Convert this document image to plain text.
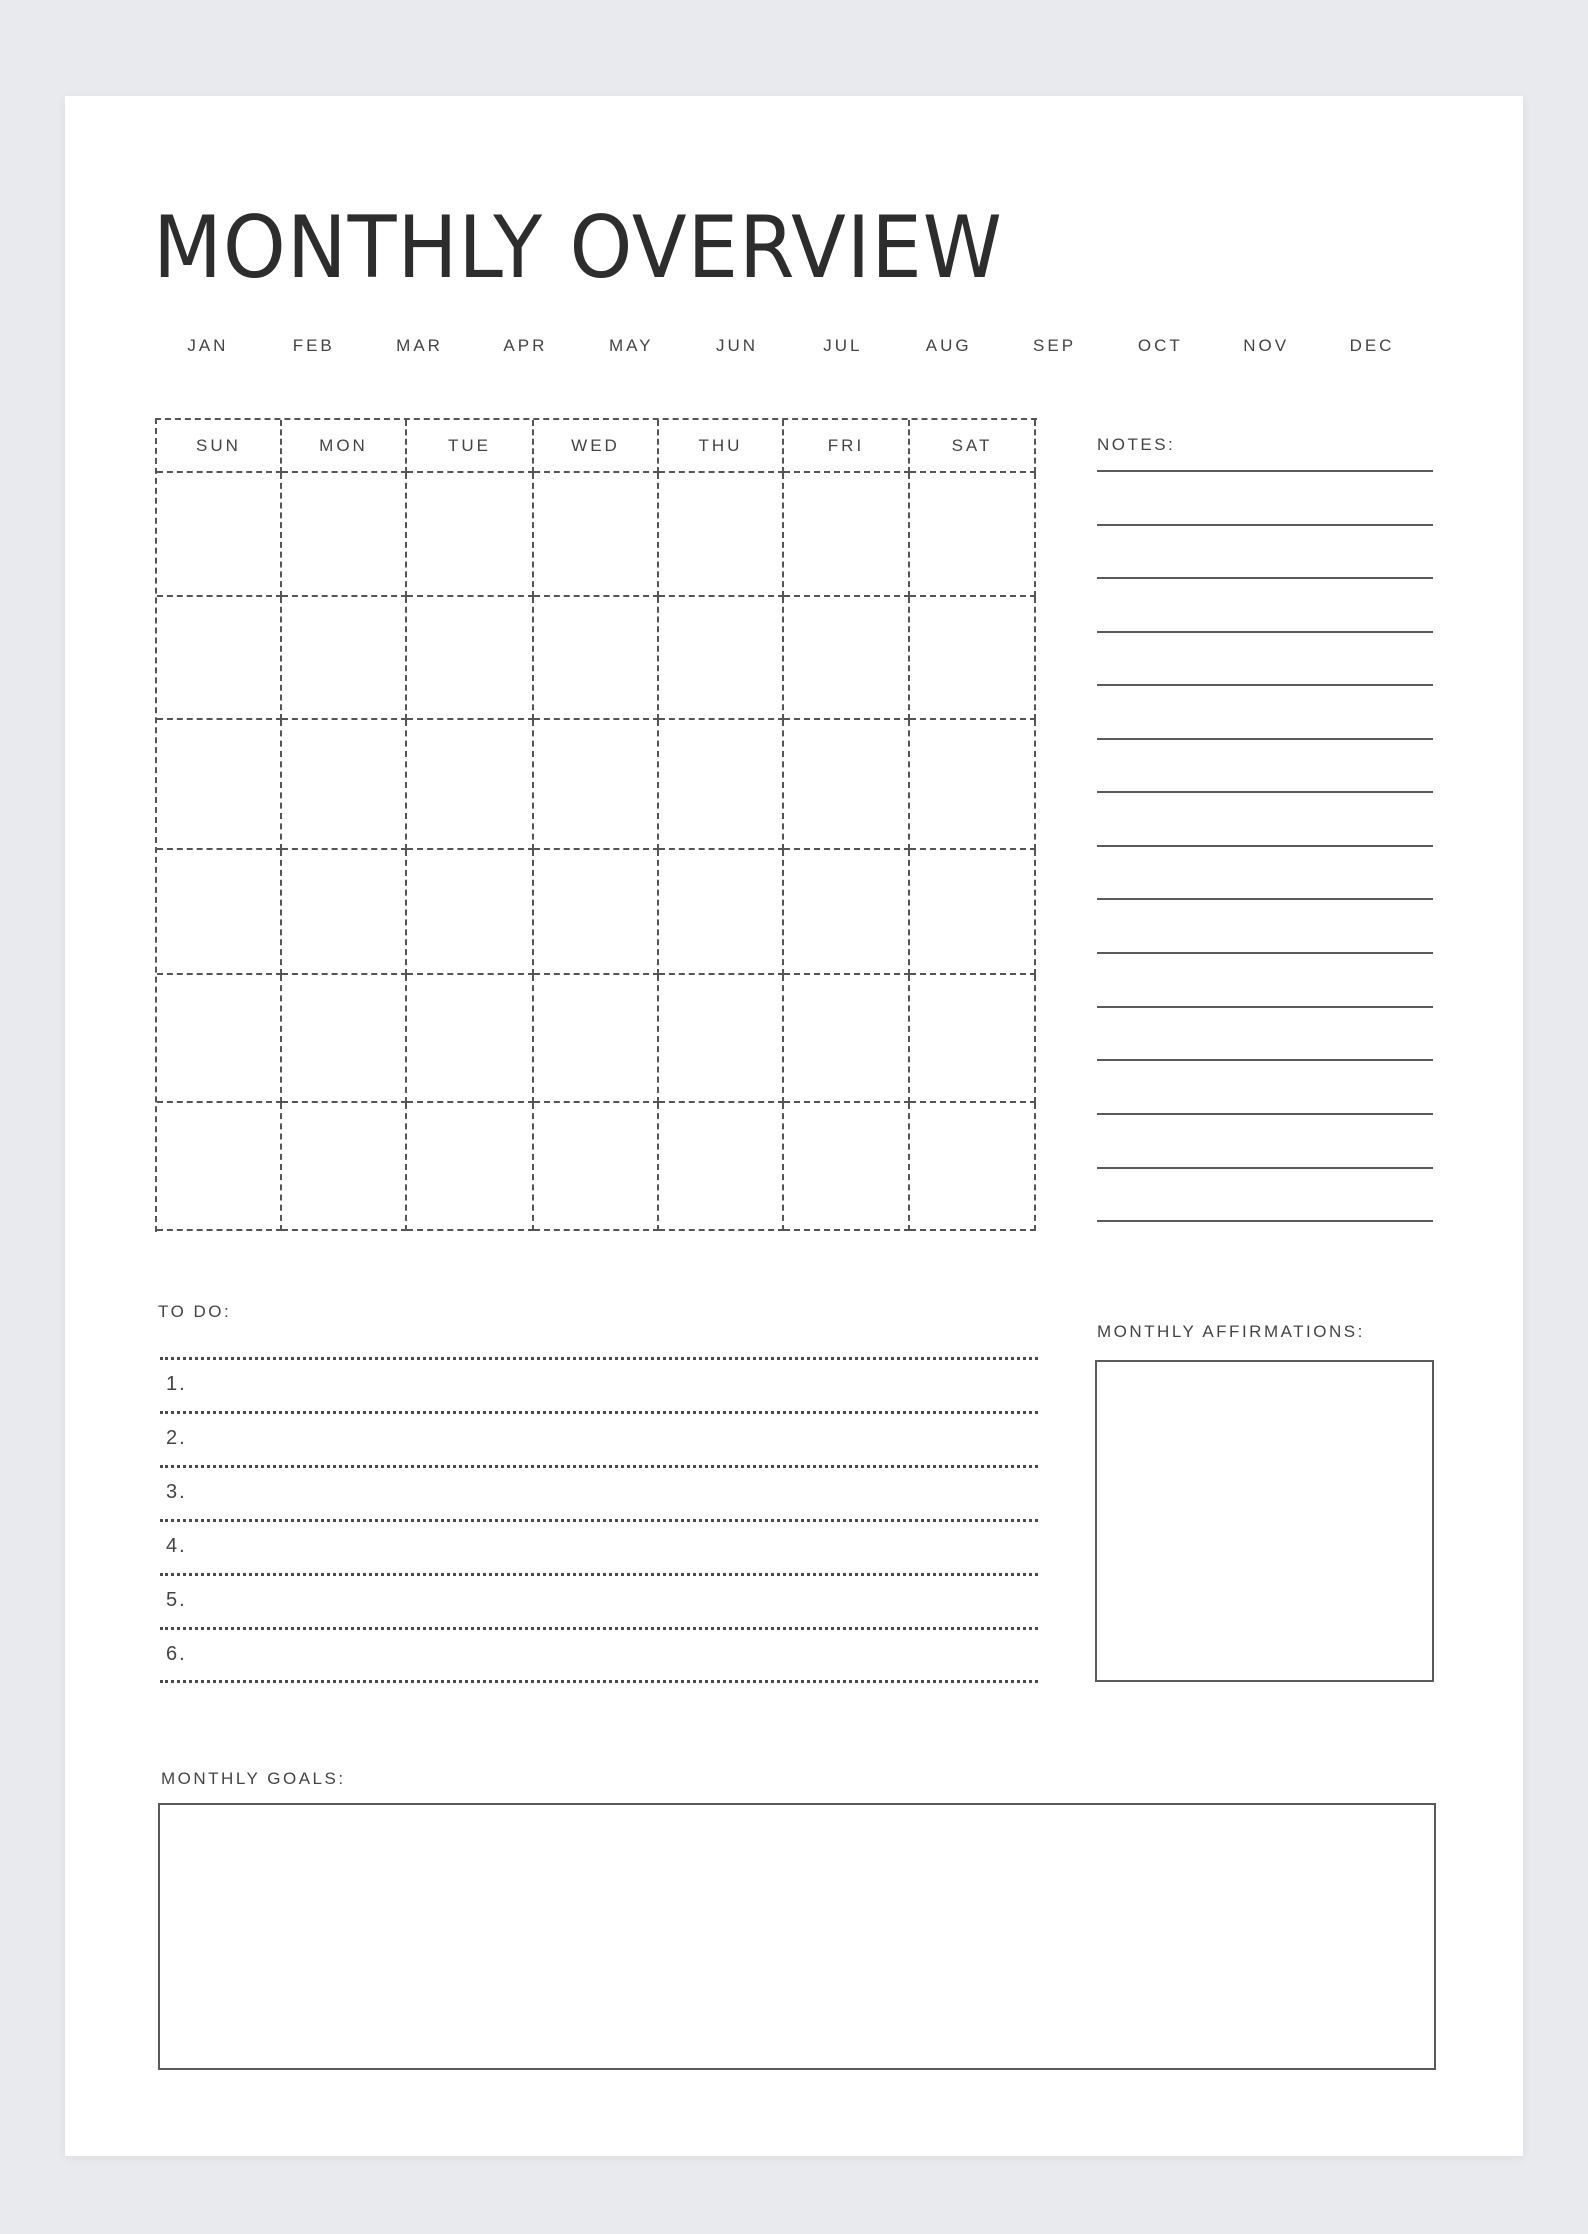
MONTHLY OVERVIEW
JAN	FEB	MAR	APR	MAY	JUN	JUL	AUG	SEP	OCT	NOV	DEC
SUN	MON	TUE	WED	THU	FRI	SAT	NOTES:
TO DO:
1.
2.
3.
4.
5.
6.
MONTHLY AFFIRMATIONS:
MONTHLY GOALS:
